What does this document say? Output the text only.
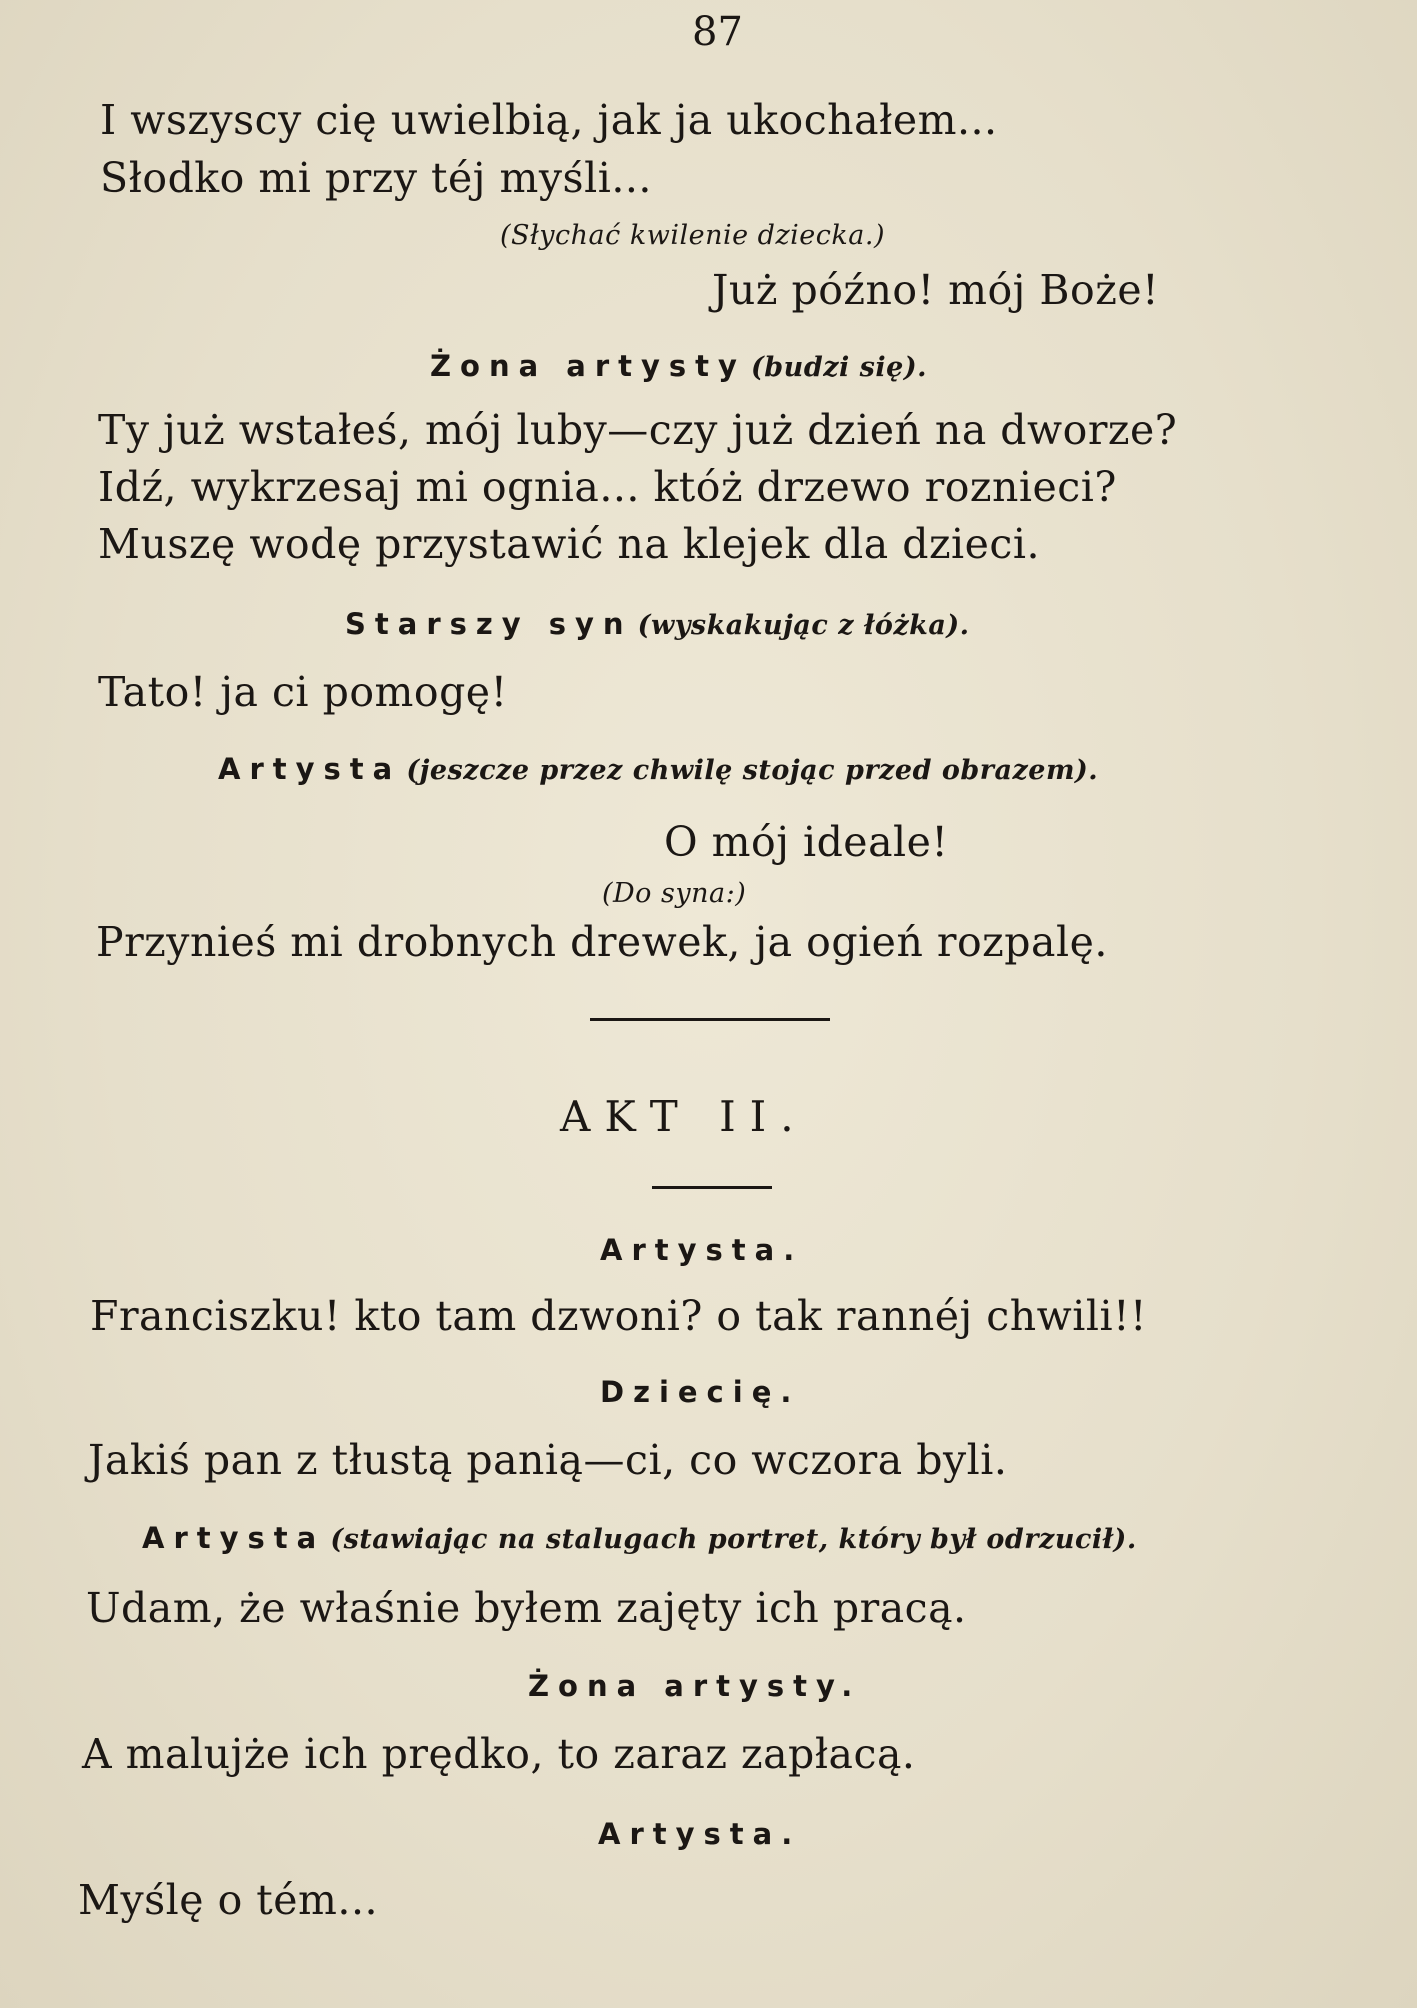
87
I wszyscy cię uwielbią, jak ja ukochałem...
Słodko mi przy téj myśli...
(Słychać kwilenie dziecka.)
Już późno! mój Boże!
Żona artysty (budzi się).
Ty już wstałeś, mój luby—czy już dzień na dworze?
Idź, wykrzesaj mi ognia... któż drzewo roznieci?
Muszę wodę przystawić na klejek dla dzieci.
Starszy syn (wyskakując z łóżka).
Tato! ja ci pomogę!
Artysta (jeszcze przez chwilę stojąc przed obrazem).
O mój ideale!
(Do syna:)
Przynieś mi drobnych drewek, ja ogień rozpalę.
AKT II.
Artysta.
Franciszku! kto tam dzwoni? o tak rannéj chwili!!
Dziecię.
Jakiś pan z tłustą panią—ci, co wczora byli.
Artysta (stawiając na stalugach portret, który był odrzucił).
Udam, że właśnie byłem zajęty ich pracą.
Żona artysty.
A malujże ich prędko, to zaraz zapłacą.
Artysta.
Myślę o tém...
